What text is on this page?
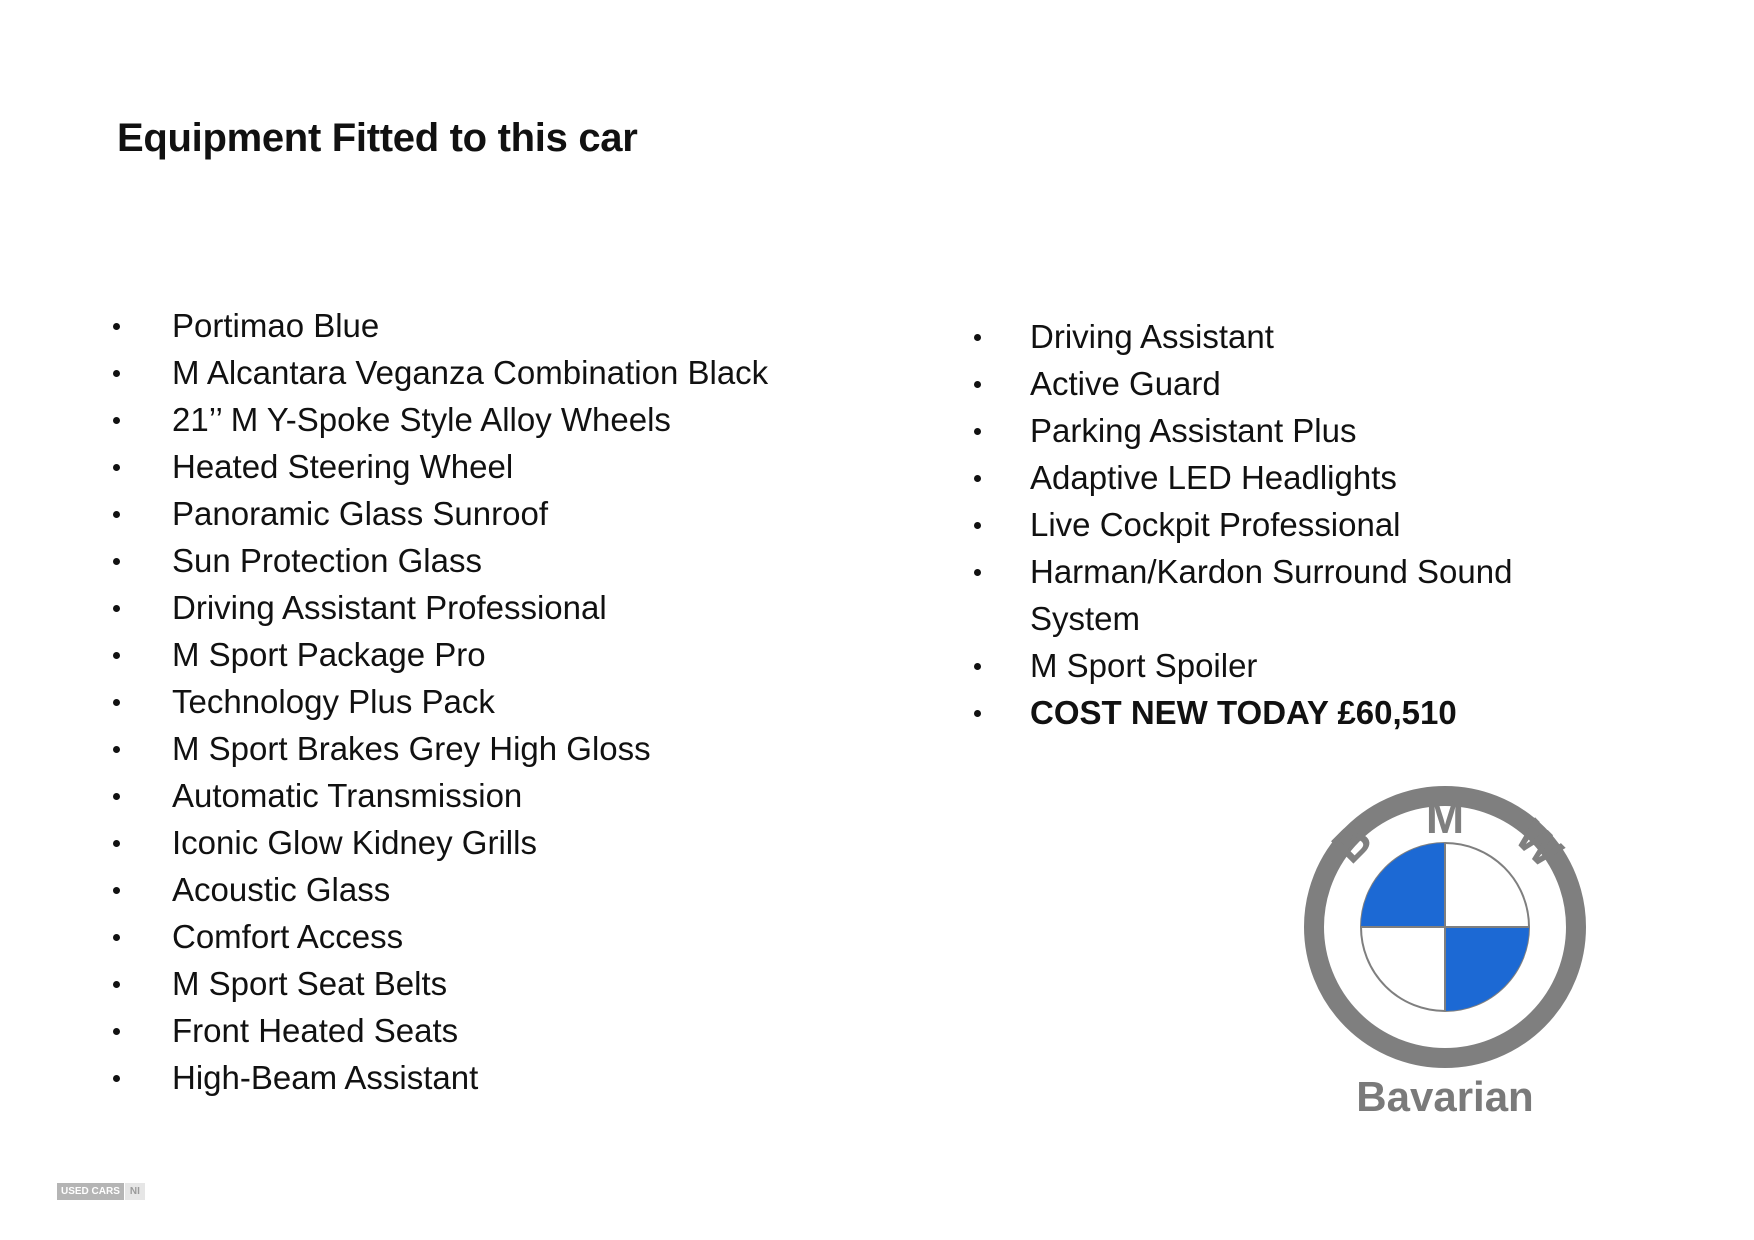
Equipment Fitted to this car
Portimao Blue
M Alcantara Veganza Combination Black
21’’ M Y-Spoke Style Alloy Wheels
Heated Steering Wheel
Panoramic Glass Sunroof
Sun Protection Glass
Driving Assistant Professional
M Sport Package Pro
Technology Plus Pack
M Sport Brakes Grey High Gloss
Automatic Transmission
Iconic Glow Kidney Grills
Acoustic Glass
Comfort Access
M Sport Seat Belts
Front Heated Seats
High-Beam Assistant
Driving Assistant
Active Guard
Parking Assistant Plus
Adaptive LED Headlights
Live Cockpit Professional
Harman/Kardon Surround Sound System
M Sport Spoiler
COST NEW TODAY £60,510
B M W
Bavarian
USED CARS	NI
